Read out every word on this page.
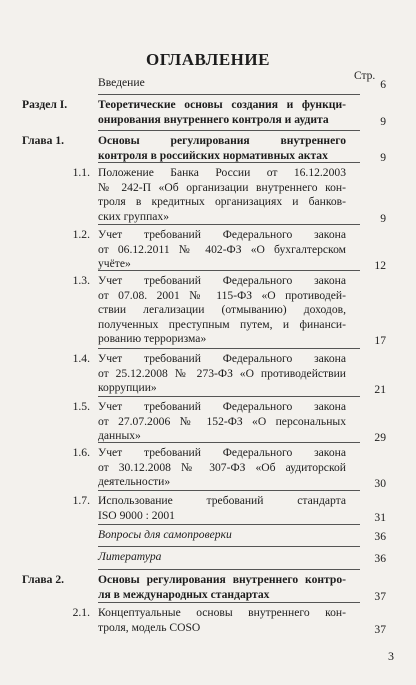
ОГЛАВЛЕНИЕ
Стр.
Введение	6
Раздел I.	Теоретические основы создания и функци-
онирования внутреннего контроля и аудита	9
Глава 1.	Основы регулирования внутреннего
контроля в российских нормативных актах	9
1.1. Положение Банка России от 16.12.2003
№ 242-П «Об организации внутреннего кон-
троля в кредитных организациях и банков-
ских группах»	9
1.2. Учет требований Федерального закона
от 06.12.2011 № 402-ФЗ «О бухгалтерском
учёте»	12
1.3. Учет требований Федерального закона
от 07.08. 2001 № 115-ФЗ «О противодей-
ствии легализации (отмыванию) доходов,
полученных преступным путем, и финанси-
рованию терроризма»	17
1.4. Учет требований Федерального закона
от 25.12.2008 № 273-ФЗ «О противодействии
коррупции»	21
1.5. Учет требований Федерального закона
от 27.07.2006 № 152-ФЗ «О персональных
данных»	29
1.6. Учет требований Федерального закона
от 30.12.2008 № 307-ФЗ «Об аудиторской
деятельности»	30
1.7. Использование требований стандарта
ISO 9000 : 2001	31
Вопросы для самопроверки	36
Литература	36
Глава 2.	Основы регулирования внутреннего контро-
ля в международных стандартах	37
2.1. Концептуальные основы внутреннего кон-
троля, модель COSO	37
3
